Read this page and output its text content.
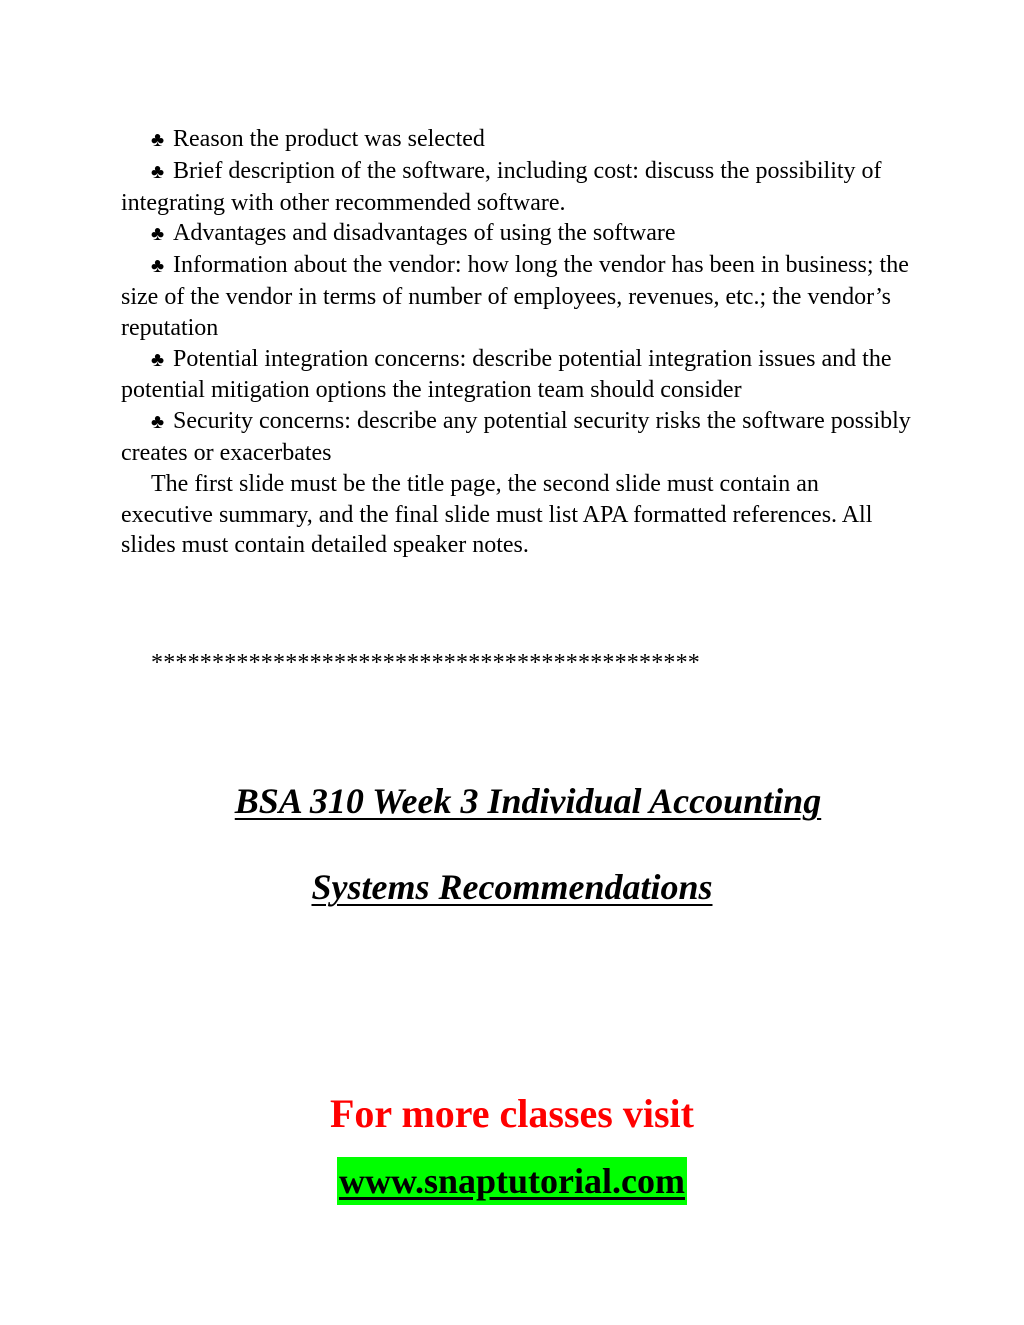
♣ Reason the product was selected

♣ Brief description of the software, including cost: discuss the possibility of integrating with other recommended software.

♣ Advantages and disadvantages of using the software

♣ Information about the vendor: how long the vendor has been in business; the size of the vendor in terms of number of employees, revenues, etc.; the vendor’s reputation

♣ Potential integration concerns: describe potential integration issues and the potential mitigation options the integration team should consider

♣ Security concerns: describe any potential security risks the software possibly creates or exacerbates

The first slide must be the title page, the second slide must contain an executive summary, and the final slide must list APA formatted references. All slides must contain detailed speaker notes.

*********************************************
BSA 310 Week 3 Individual Accounting
Systems Recommendations
For more classes visit
www.snaptutorial.com
